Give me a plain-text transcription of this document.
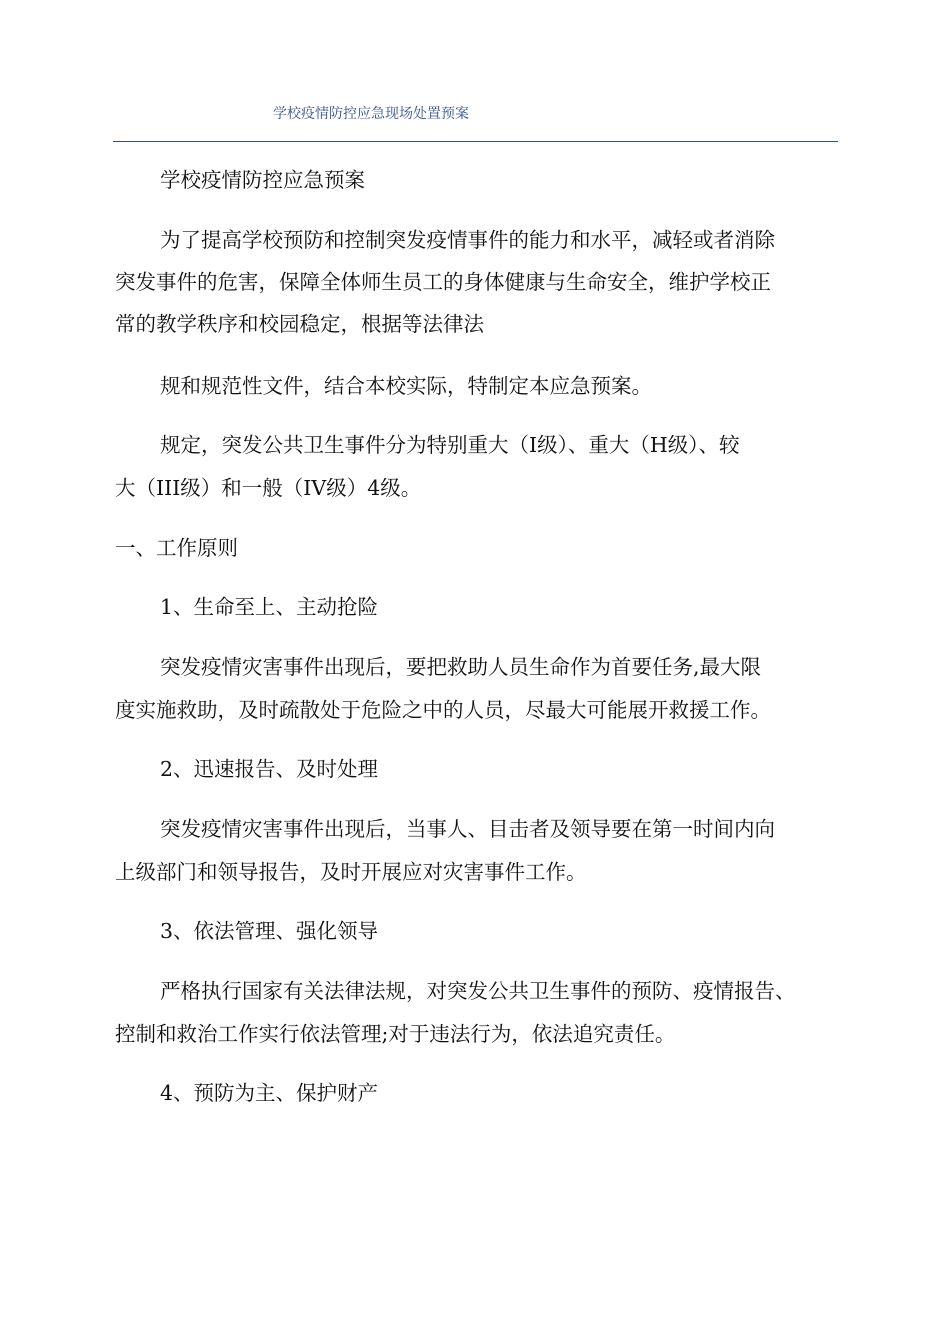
学校疫情防控应急现场处置预案
学校疫情防控应急预案
为了提高学校预防和控制突发疫情事件的能力和水平，减轻或者消除
突发事件的危害，保障全体师生员工的身体健康与生命安全，维护学校正
常的教学秩序和校园稳定，根据等法律法
规和规范性文件，结合本校实际，特制定本应急预案。
规定，突发公共卫生事件分为特别重大（I级）、重大（H级）、较
大（III级）和一般（IV级）4级。
一、工作原则
1、生命至上、主动抢险
突发疫情灾害事件出现后，要把救助人员生命作为首要任务,最大限
度实施救助，及时疏散处于危险之中的人员，尽最大可能展开救援工作。
2、迅速报告、及时处理
突发疫情灾害事件出现后，当事人、目击者及领导要在第一时间内向
上级部门和领导报告，及时开展应对灾害事件工作。
3、依法管理、强化领导
严格执行国家有关法律法规，对突发公共卫生事件的预防、疫情报告、
控制和救治工作实行依法管理;对于违法行为，依法追究责任。
4、预防为主、保护财产
